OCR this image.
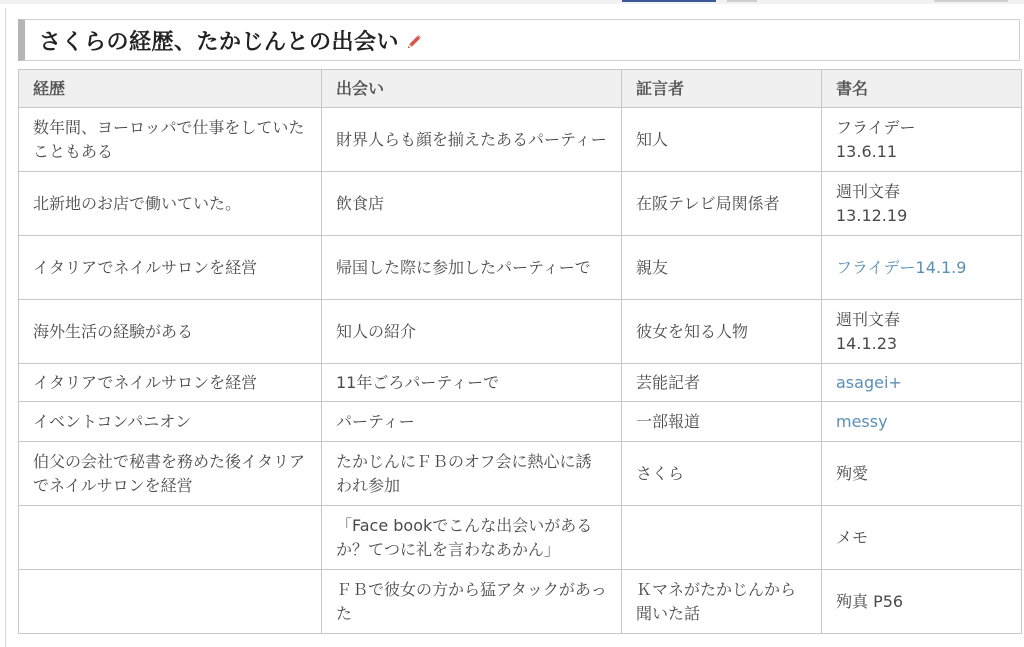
さくらの経歴、たかじんとの出会い
経歴	出会い	証言者	書名
数年間、ヨーロッパで仕事をしていたこともある	財界人らも顔を揃えたあるパーティー	知人	フライデー
13.6.11

北新地のお店で働いていた。	飲食店	在阪テレビ局関係者	週刊文春
13.12.19

イタリアでネイルサロンを経営	帰国した際に参加したパーティーで	親友	フライデー14.1.9
海外生活の経験がある	知人の紹介	彼女を知る人物	週刊文春
14.1.23

イタリアでネイルサロンを経営	11年ごろパーティーで	芸能記者	asagei+
イベントコンパニオン	パーティー	一部報道	messy
伯父の会社で秘書を務めた後イタリアでネイルサロンを経営	たかじんにＦＢのオフ会に熱心に誘われ参加	さくら	殉愛

	「Face bookでこんな出会いがあるか？てつに礼を言わなあかん」		メモ

	ＦＢで彼女の方から猛アタックがあった	Ｋマネがたかじんから聞いた話	殉真 P56
